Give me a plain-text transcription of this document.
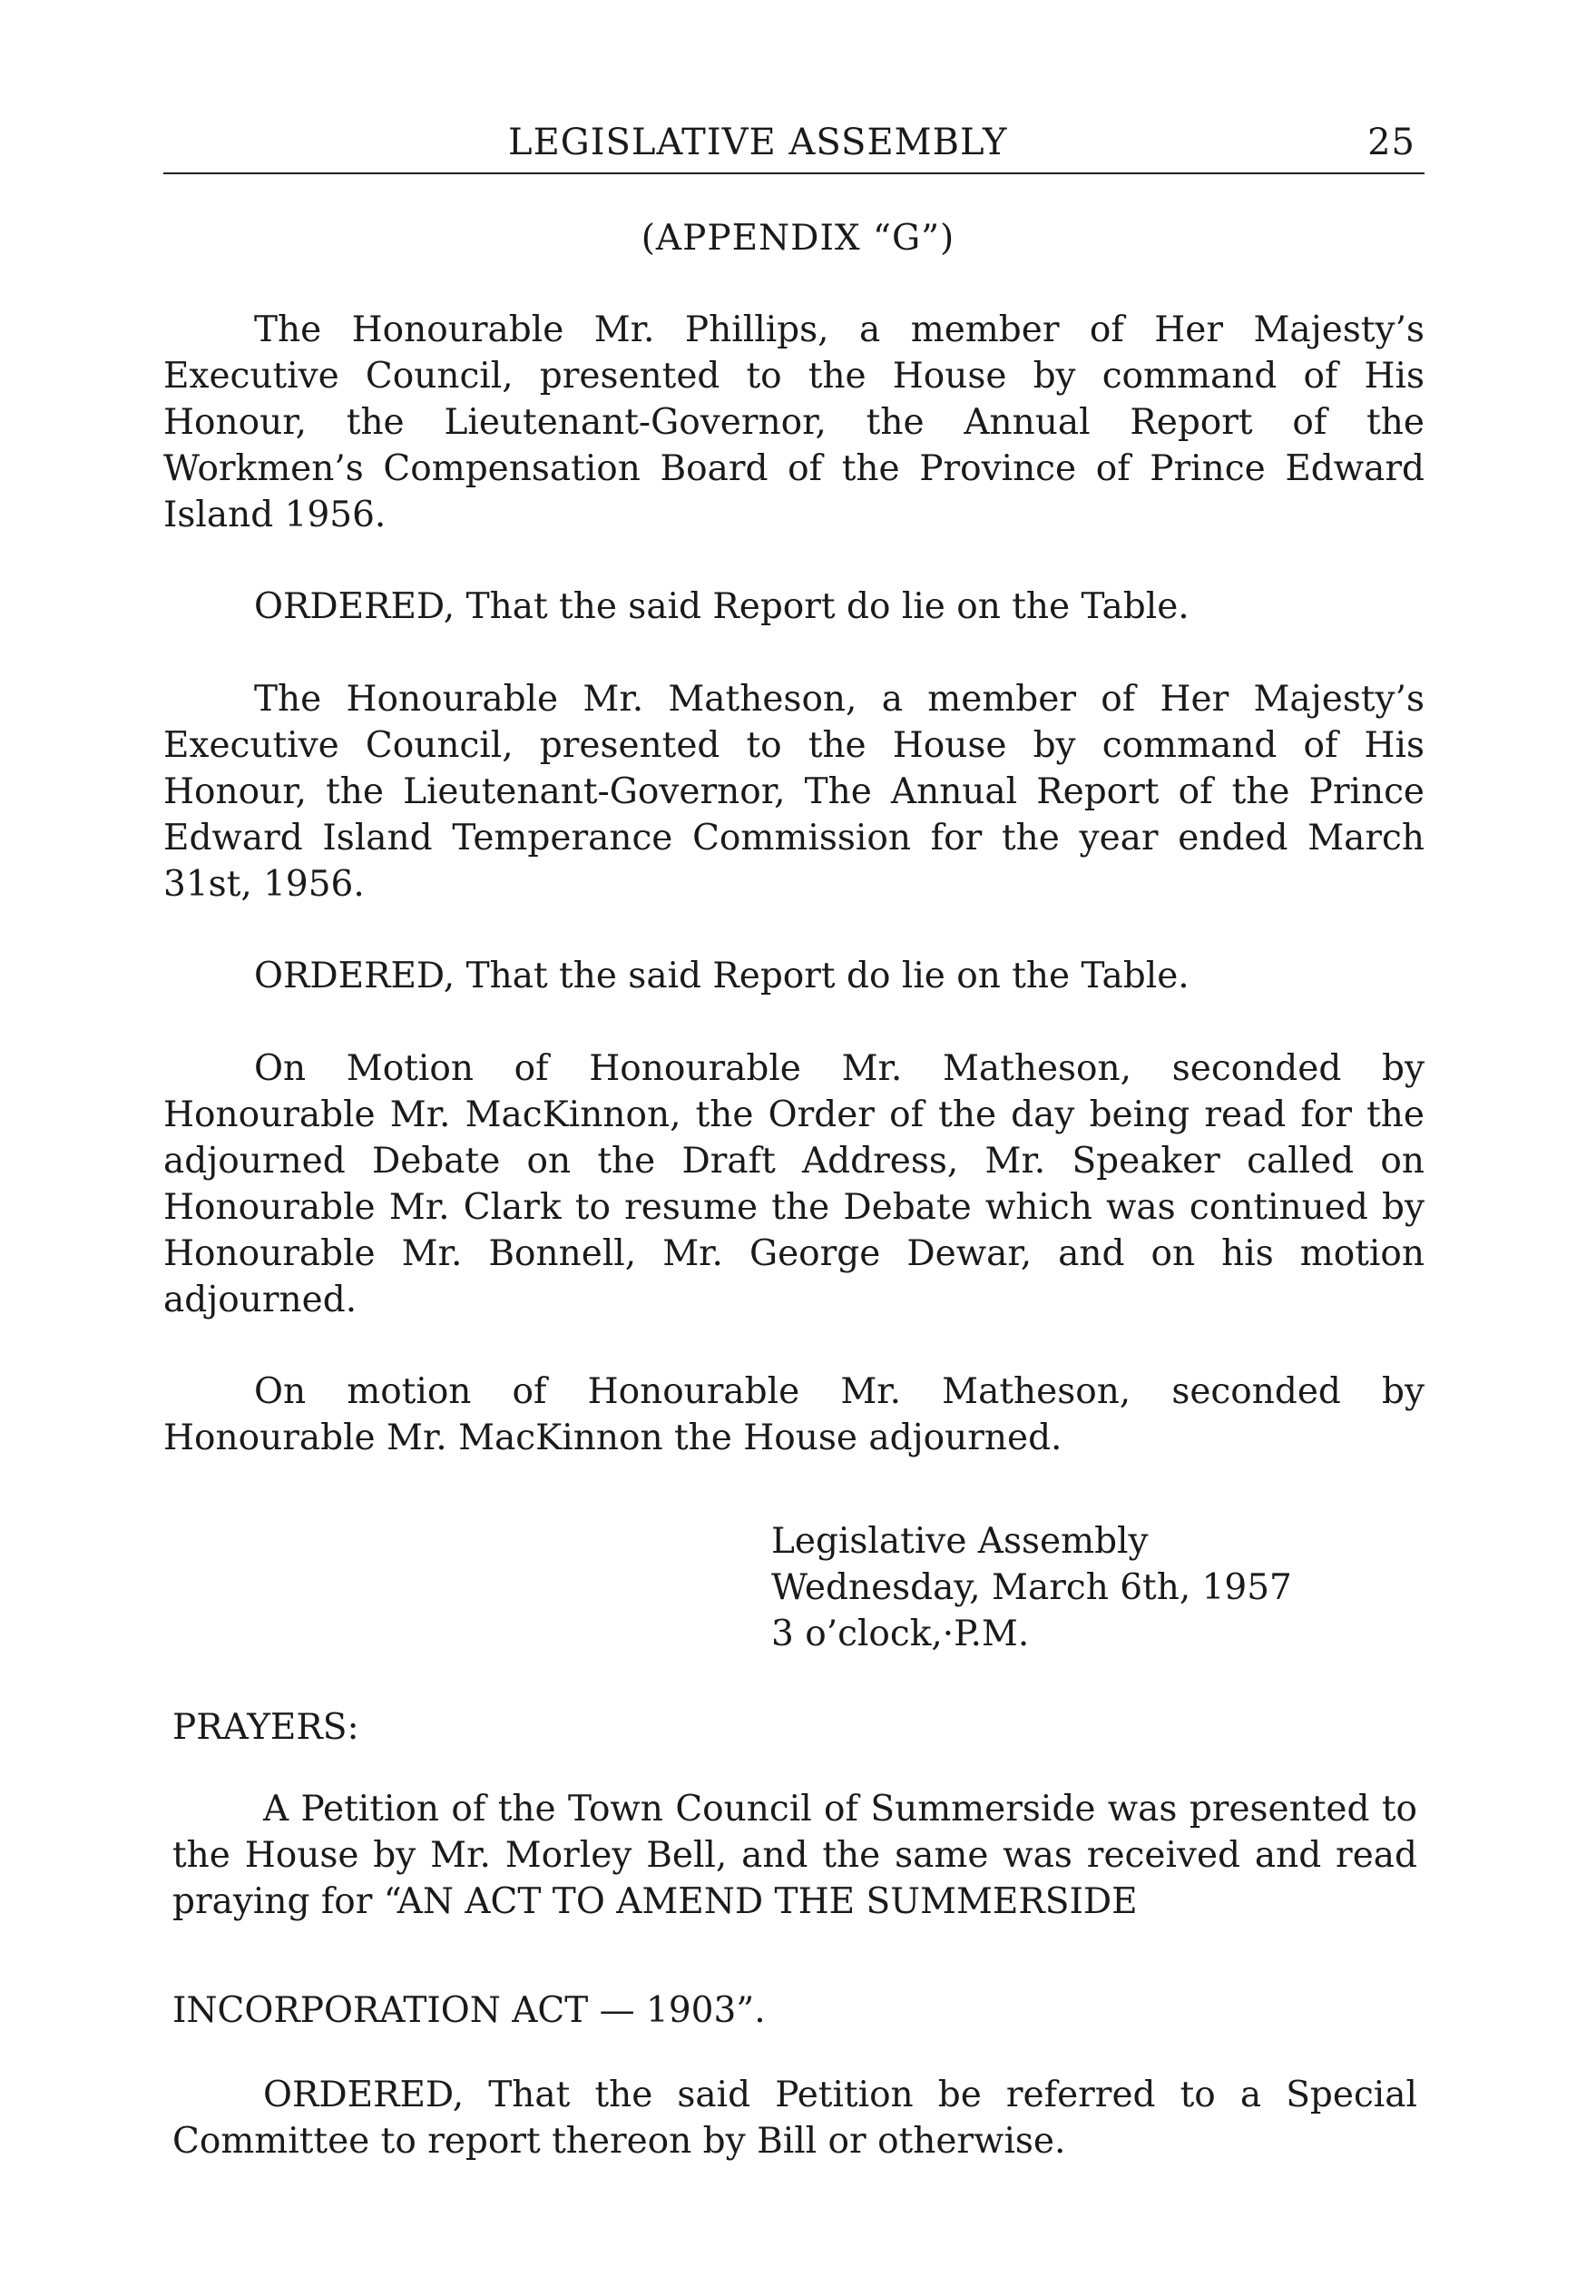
LEGISLATIVE ASSEMBLY	25
(APPENDIX “G”)

The Honourable Mr. Phillips, a member of Her Majesty’s Executive Council, presented to the House by command of His Honour, the Lieutenant-Governor, the Annual Report of the Workmen’s Compensation Board of the Province of Prince Edward Island 1956.

ORDERED, That the said Report do lie on the Table.

The Honourable Mr. Matheson, a member of Her Majesty’s Executive Council, presented to the House by command of His Honour, the Lieutenant-Governor, The Annual Report of the Prince Edward Island Temperance Commission for the year ended March 31st, 1956.

ORDERED, That the said Report do lie on the Table.

On Motion of Honourable Mr. Matheson, seconded by Honourable Mr. MacKinnon, the Order of the day being read for the adjourned Debate on the Draft Address, Mr. Speaker called on Honourable Mr. Clark to resume the Debate which was continued by Honourable Mr. Bonnell, Mr. George Dewar, and on his motion adjourned.

On motion of Honourable Mr. Matheson, seconded by Honourable Mr. MacKinnon the House adjourned.

Legislative Assembly
Wednesday, March 6th, 1957
3 o’clock,·P.M.

PRAYERS:

A Petition of the Town Council of Summerside was presented to the House by Mr. Morley Bell, and the same was received and read praying for “AN ACT TO AMEND THE SUMMERSIDE

INCORPORATION ACT — 1903”.

ORDERED, That the said Petition be referred to a Special Committee to report thereon by Bill or otherwise.
